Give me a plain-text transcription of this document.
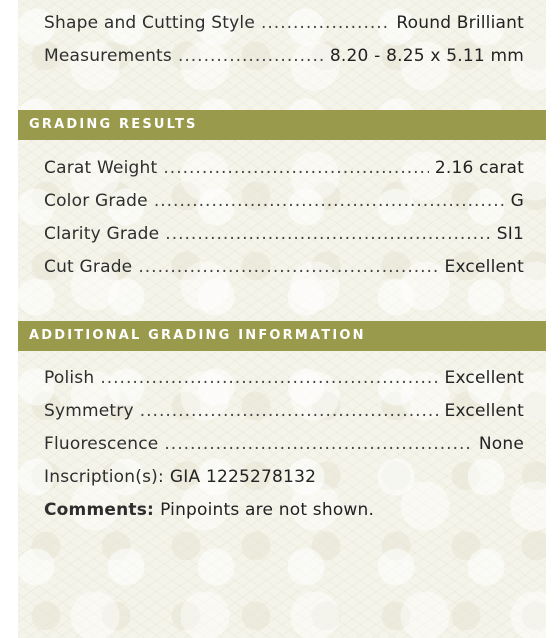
Shape and Cutting Style .....	Round Brilliant
Measurements .....	8.20 - 8.25 x 5.11 mm
GRADING RESULTS
Carat Weight .....	2.16 carat
Color Grade .....	G
Clarity Grade .....	SI1
Cut Grade .....	Excellent
ADDITIONAL GRADING INFORMATION
Polish .....	Excellent
Symmetry .....	Excellent
Fluorescence .....	None
Inscription(s): GIA 1225278132
Comments: Pinpoints are not shown.
